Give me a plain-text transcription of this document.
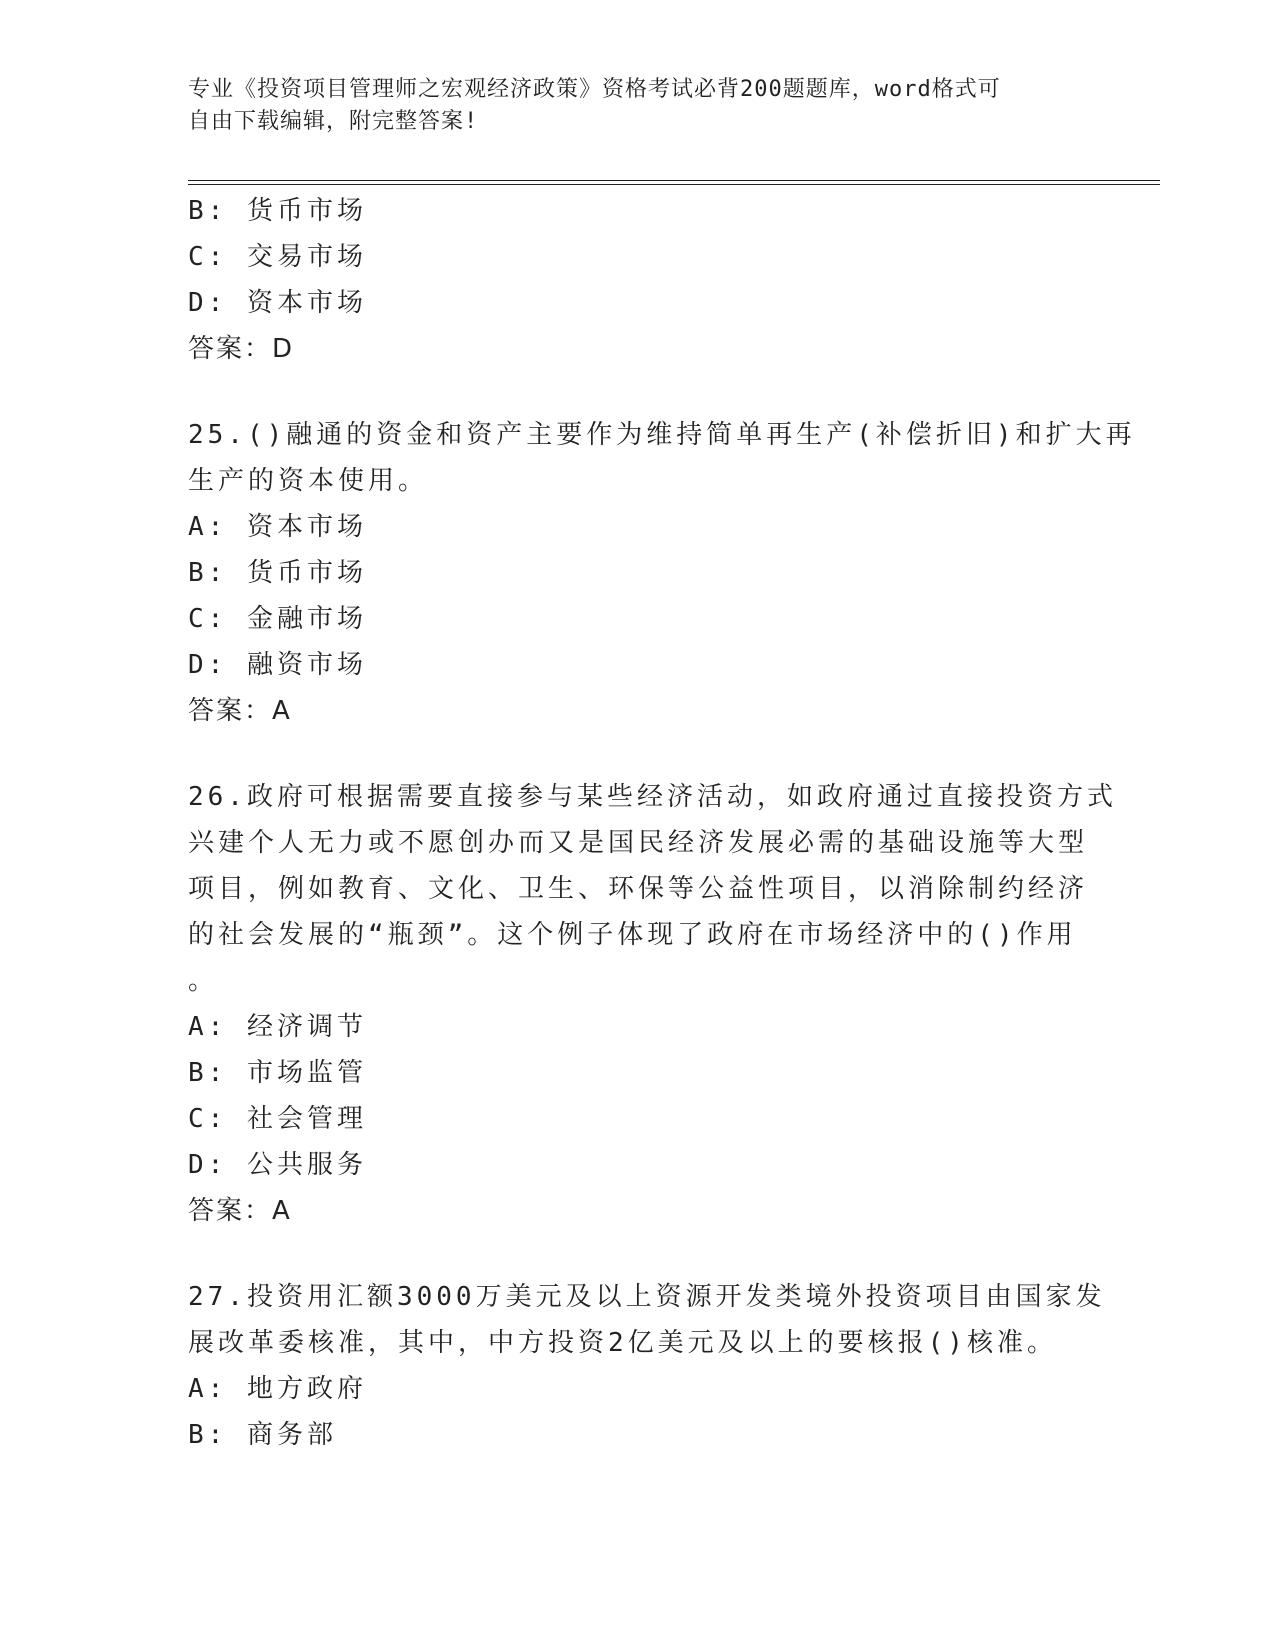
专业《投资项目管理师之宏观经济政策》资格考试必背200题题库，word格式可
自由下载编辑，附完整答案!
B: 货币市场
C: 交易市场
D: 资本市场
答案：D
25.()融通的资金和资产主要作为维持简单再生产(补偿折旧)和扩大再
生产的资本使用。
A: 资本市场
B: 货币市场
C: 金融市场
D: 融资市场
答案：A
26.政府可根据需要直接参与某些经济活动，如政府通过直接投资方式
兴建个人无力或不愿创办而又是国民经济发展必需的基础设施等大型
项目，例如教育、文化、卫生、环保等公益性项目，以消除制约经济
的社会发展的“瓶颈”。这个例子体现了政府在市场经济中的()作用
。
A: 经济调节
B: 市场监管
C: 社会管理
D: 公共服务
答案：A
27.投资用汇额3000万美元及以上资源开发类境外投资项目由国家发
展改革委核准，其中，中方投资2亿美元及以上的要核报()核准。
A: 地方政府
B: 商务部
